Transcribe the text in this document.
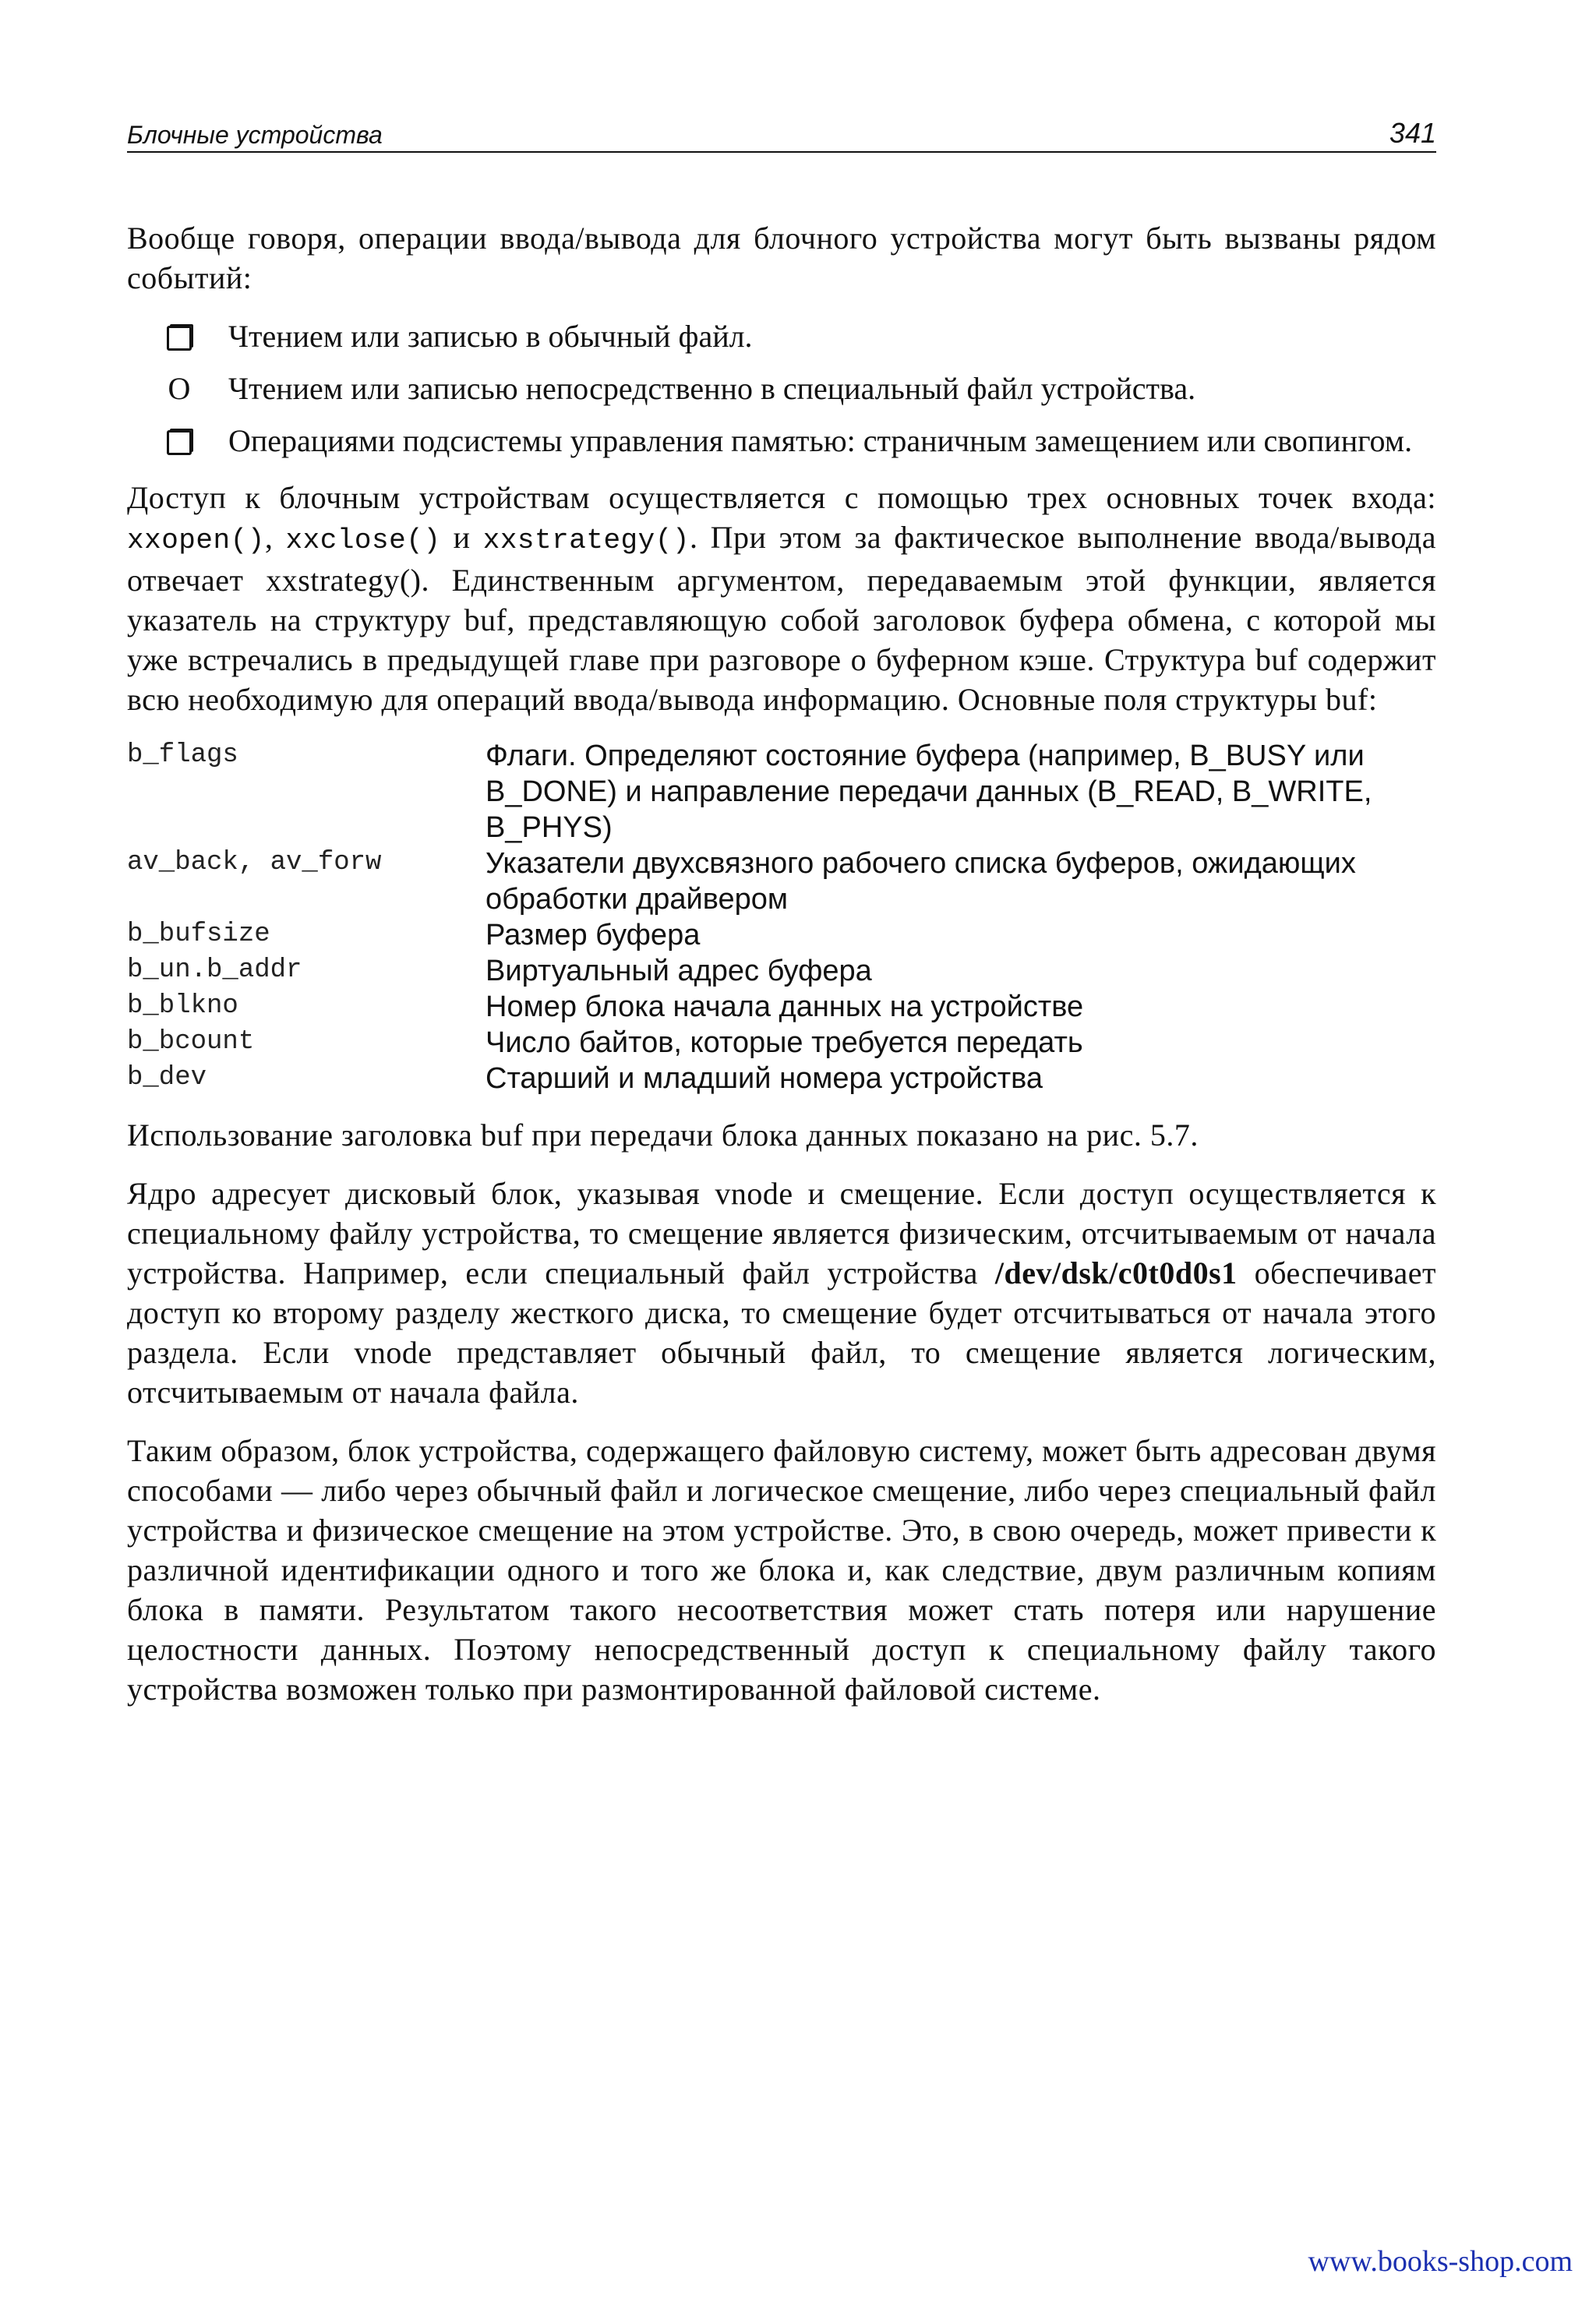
Блочные устройства	341

Вообще говоря, операции ввода/вывода для блочного устройства могут быть вызваны рядом событий:

Чтением или записью в обычный файл.
O Чтением или записью непосредственно в специальный файл устройства.
Операциями подсистемы управления памятью: страничным замещением или свопингом.

Доступ к блочным устройствам осуществляется с помощью трех основных точек входа: xxopen(), xxclose() и xxstrategy(). При этом за фактическое выполнение ввода/вывода отвечает xxstrategy(). Единственным аргументом, передаваемым этой функции, является указатель на структуру buf, представляющую собой заголовок буфера обмена, с которой мы уже встречались в предыдущей главе при разговоре о буферном кэше. Структура buf содержит всю необходимую для операций ввода/вывода информацию. Основные поля структуры buf:

b_flags	Флаги. Определяют состояние буфера (например, B_BUSY или B_DONE) и направление передачи данных (B_READ, B_WRITE, B_PHYS)
av_back, av_forw	Указатели двухсвязного рабочего списка буферов, ожидающих обработки драйвером
b_bufsize	Размер буфера
b_un.b_addr	Виртуальный адрес буфера
b_blkno	Номер блока начала данных на устройстве
b_bcount	Число байтов, которые требуется передать
b_dev	Старший и младший номера устройства

Использование заголовка buf при передачи блока данных показано на рис. 5.7.

Ядро адресует дисковый блок, указывая vnode и смещение. Если доступ осуществляется к специальному файлу устройства, то смещение является физическим, отсчитываемым от начала устройства. Например, если специальный файл устройства /dev/dsk/c0t0d0s1 обеспечивает доступ ко второму разделу жесткого диска, то смещение будет отсчитываться от начала этого раздела. Если vnode представляет обычный файл, то смещение является логическим, отсчитываемым от начала файла.

Таким образом, блок устройства, содержащего файловую систему, может быть адресован двумя способами — либо через обычный файл и логическое смещение, либо через специальный файл устройства и физическое смещение на этом устройстве. Это, в свою очередь, может привести к различной идентификации одного и того же блока и, как следствие, двум различным копиям блока в памяти. Результатом такого несоответствия может стать потеря или нарушение целостности данных. Поэтому непосредственный доступ к специальному файлу такого устройства возможен только при размонтированной файловой системе.

www.books-shop.com
